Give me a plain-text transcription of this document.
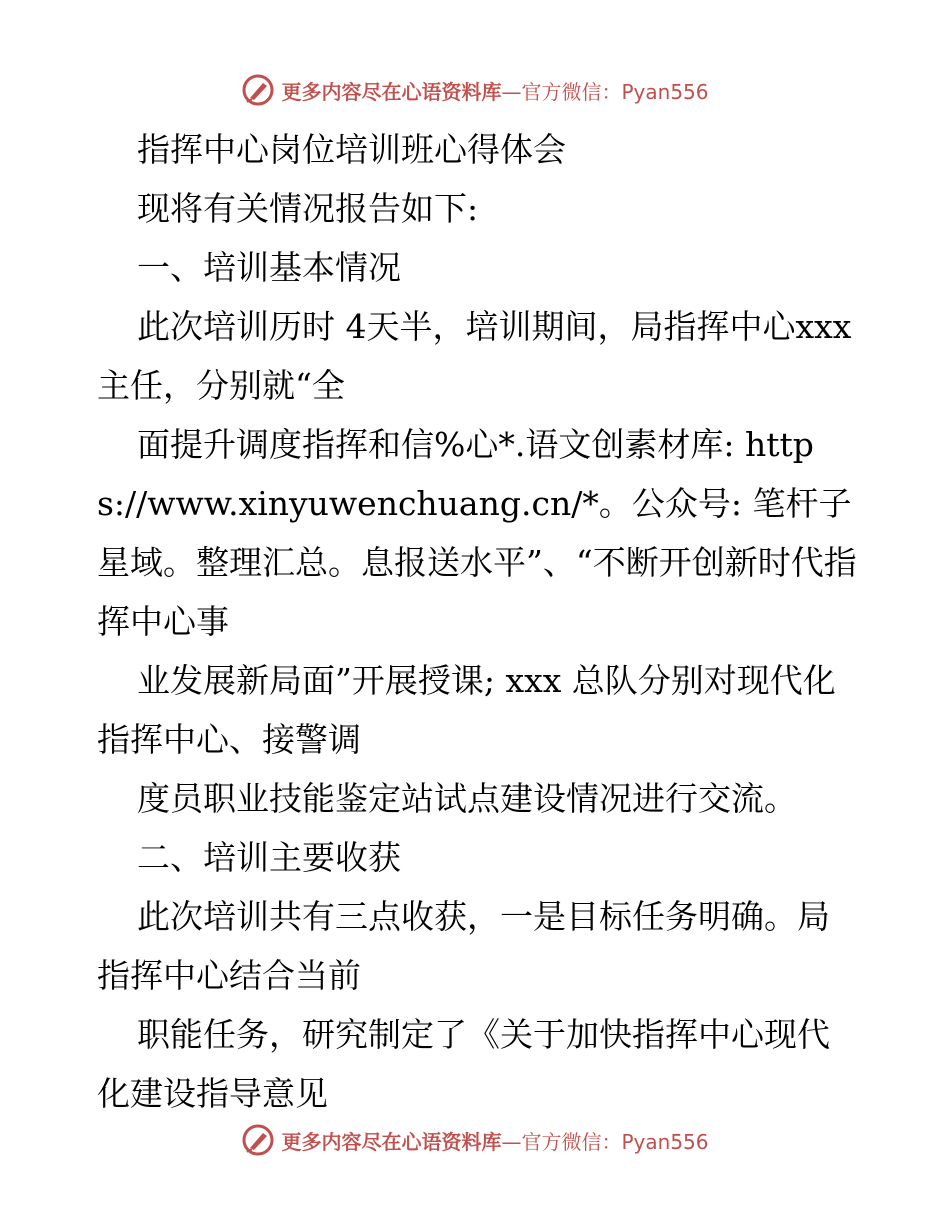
更多内容尽在心语资料库—官方微信：Pyan556

指挥中心岗位培训班心得体会

现将有关情况报告如下:

一、培训基本情况

此次培训历时 4天半，培训期间，局指挥中心xxx 主任，分别就“全

面提升调度指挥和信%心*.语文创素材库: https://www.xinyuwenchuang.cn/*。公众号: 笔杆子星域。整理汇总。息报送水平”、“不断开创新时代指挥中心事

业发展新局面”开展授课; xxx 总队分别对现代化指挥中心、接警调

度员职业技能鉴定站试点建设情况进行交流。

二、培训主要收获

此次培训共有三点收获，一是目标任务明确。局指挥中心结合当前

职能任务，研究制定了《关于加快指挥中心现代化建设指导意见

更多内容尽在心语资料库—官方微信：Pyan556
